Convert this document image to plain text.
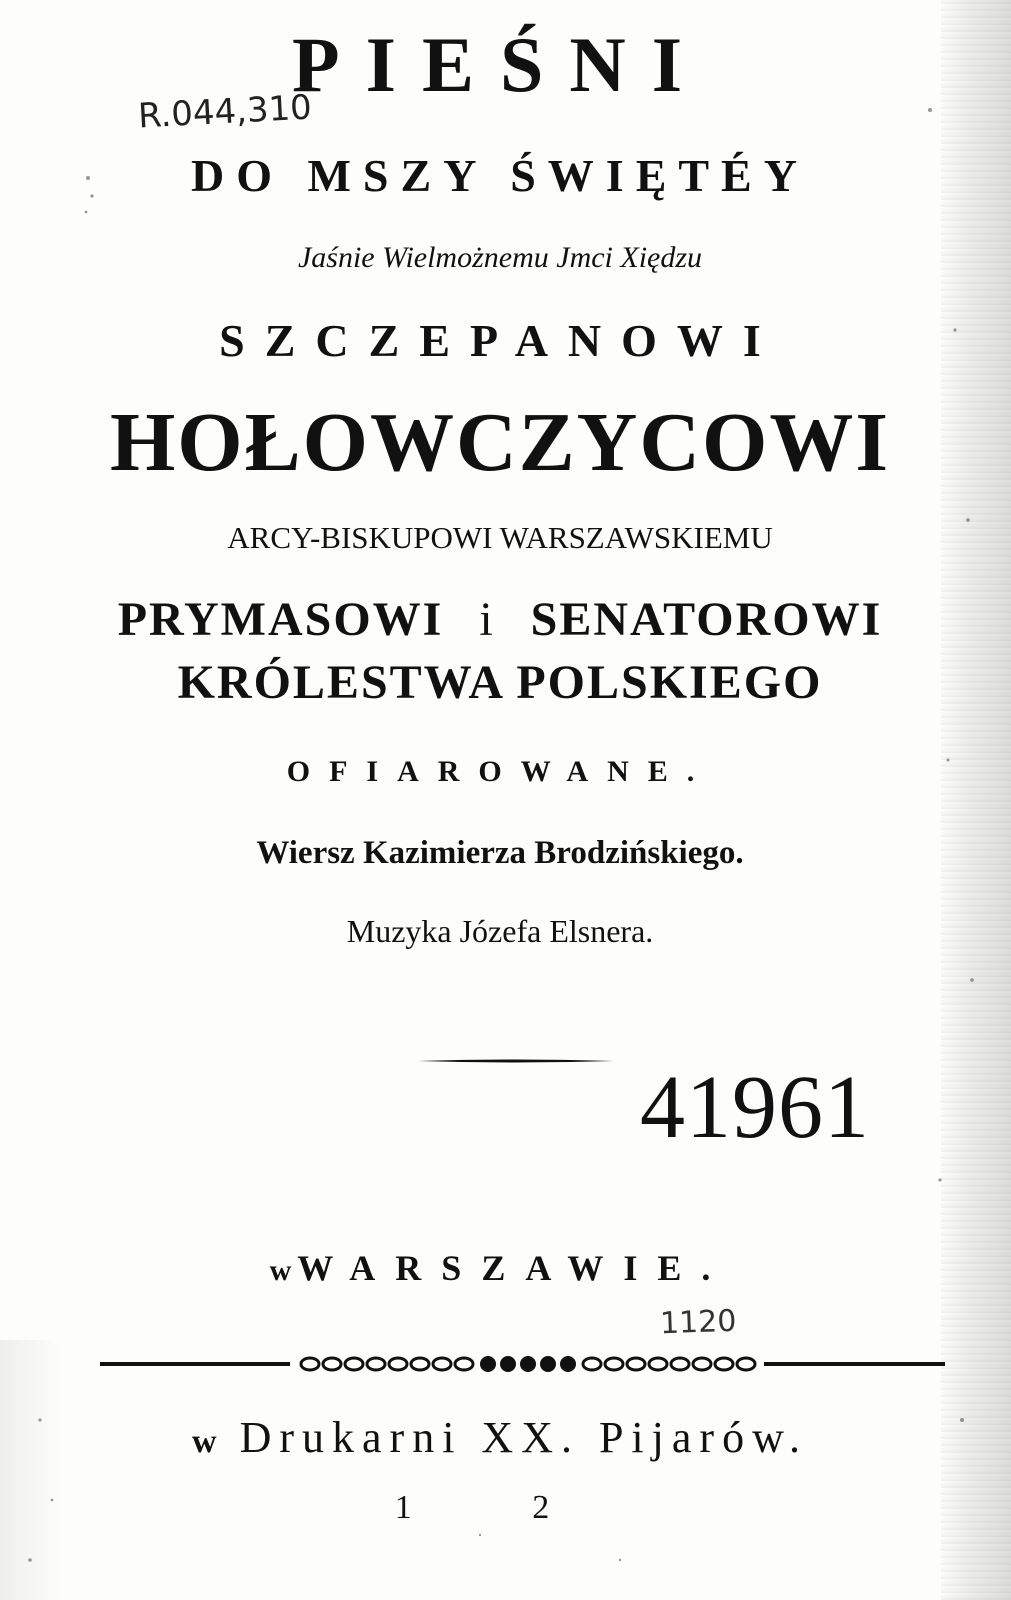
PIEŚNI
R.044,310
DO MSZY ŚWIĘTÉY

Jaśnie Wielmożnemu Jmci Xiędzu

SZCZEPANOWI

HOŁOWCZYCOWI

ARCY-BISKUPOWI WARSZAWSKIEMU

PRYMASOWI i SENATOROWI

KRÓLESTWA POLSKIEGO

OFIAROWANE.

Wiersz Kazimierza Brodzińskiego.

Muzyka Józefa Elsnera.

41961

wWARSZAWIE.

1120

w Drukarni XX. Pijarów.

1 2
